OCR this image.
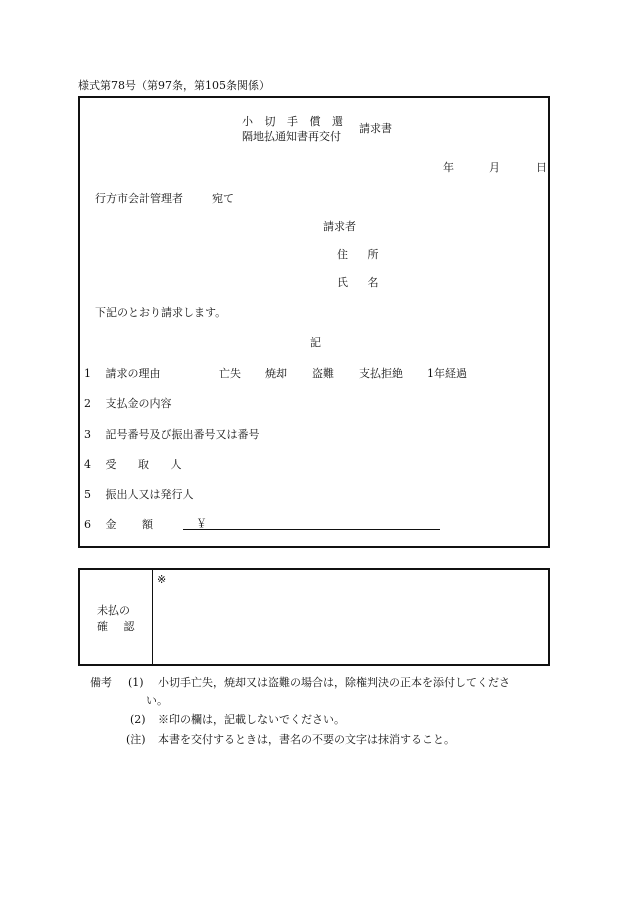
様式第78号（第97条，第105条関係）
小 切 手 償 還
隔地払通知書再交付
請求書
年	月	日
行方市会計管理者	宛て
請求者
住 所
氏 名
下記のとおり請求します。
記
1 請求の理由	亡失 焼却 盗難 支払拒絶 1年経過
2 支払金の内容
3 記号番号及び振出番号又は番号
4 受 取 人
5 振出人又は発行人
6 金 額	￥
未払の
確 認
※
備考 (1) 小切手亡失，焼却又は盗難の場合は，除権判決の正本を添付してくださ
い。
(2) ※印の欄は，記載しないでください。
(注) 本書を交付するときは，書名の不要の文字は抹消すること。
